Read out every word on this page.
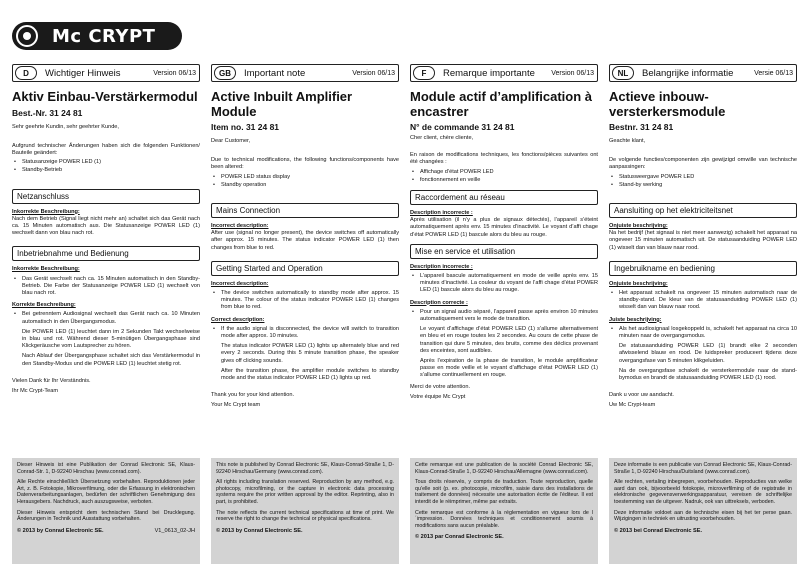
Mc CRYPT
D	Wichtiger Hinweis	Version 06/13
Aktiv Einbau-Verstärkermodul
Best.-Nr. 31 24 81
Sehr geehrte Kundin, sehr geehrter Kunde,
Aufgrund technischer Änderungen haben sich die folgenden Funktionen/ Bauteile geändert:
• Statusanzeige POWER LED (1)
• Standby-Betrieb
Netzanschluss
Inkorrekte Beschreibung:
Nach dem Betrieb (Signal liegt nicht mehr an) schaltet sich das Gerät nach ca. 15 Minuten automatisch aus. Die Statusanzeige POWER LED (1) wechselt dann von blau nach rot.
Inbetriebnahme und Bedienung
Inkorrekte Beschreibung:
• Das Gerät wechselt nach ca. 15 Minuten automatisch in den Standby-Betrieb. Die Farbe der Statusanzeige POWER LED (1) wechselt von blau nach rot.
Korrekte Beschreibung:
• Bei getrenntem Audiosignal wechselt das Gerät nach ca. 10 Minuten automatisch in den Übergangsmodus.
Die POWER LED (1) leuchtet dann im 2 Sekunden Takt wechselweise in blau und rot. Während dieser 5-minütigen Übergangsphase sind Klickgeräusche vom Lautsprecher zu hören.
Nach Ablauf der Übergangsphase schaltet sich das Verstärkermodul in den Standby-Modus und die POWER LED (1) leuchtet stetig rot.
Vielen Dank für Ihr Verständnis.
Ihr Mc Crypt-Team
GB	Important note	Version 06/13
Active Inbuilt Amplifier Module
Item no. 31 24 81
Dear Customer,
Due to technical modifications, the following functions/components have been altered:
• POWER LED status display
• Standby operation
Mains Connection
Incorrect description:
After use (signal no longer present), the device switches off automatically after approx. 15 minutes. The status indicator POWER LED (1) then changes from blue to red.
Getting Started and Operation
Incorrect description:
• The device switches automatically to standby mode after approx. 15 minutes. The colour of the status indicator POWER LED (1) changes from blue to red.
Correct description:
• If the audio signal is disconnected, the device will switch to transition mode after approx. 10 minutes.
The status indicator POWER LED (1) lights up alternately blue and red every 2 seconds. During this 5 minute transition phase, the speaker gives off clicking sounds.
After the transition phase, the amplifier module switches to standby mode and the status indicator POWER LED (1) lights up red.
Thank you for your kind attention.
Your Mc Crypt team
F	Remarque importante	Version 06/13
Module actif d’amplification à encastrer
N° de commande 31 24 81
Cher client, chère cliente,
En raison de modifications techniques, les fonctions/pièces suivantes ont été changées :
• Affichage d’état POWER LED
• fonctionnement en veille
Raccordement au réseau
Description incorrecte :
Après utilisation (il n’y a plus de signaux détectés), l’appareil s’éteint automatiquement après env. 15 minutes d’inactivité. Le voyant d’affi chage d’état POWER LED (1) bascule alors du bleu au rouge.
Mise en service et utilisation
Description incorrecte :
• L’appareil bascule automatiquement en mode de veille après env. 15 minutes d’inactivité. La couleur du voyant de l’affi chage d’état POWER LED (1) bascule alors du bleu au rouge.
Description correcte :
• Pour un signal audio séparé, l’appareil passe après environ 10 minutes automatiquement vers le mode de transition.
Le voyant d’affichage d’état POWER LED (1) s’allume alternativement en bleu et en rouge toutes les 2 secondes. Au cours de cette phase de transition qui dure 5 minutes, des bruits, comme des déclics provenant des enceintes, sont audibles.
Après l’expiration de la phase de transition, le module amplificateur passe en mode veille et le voyant d’affichage d’état POWER LED (1) s’allume continuellement en rouge.
Merci de votre attention.
Votre équipe Mc Crypt
NL	Belangrijke informatie	Versie 06/13
Actieve inbouw-versterkersmodule
Bestnr. 31 24 81
Geachte klant,
De volgende functies/componenten zijn gewijzigd omwille van technische aanpassingen:
• Statusweergave POWER LED
• Stand-by werking
Aansluiting op het elektriciteitsnet
Onjuiste beschrijving:
Na het bedrijf (het signaal is niet meer aanwezig) schakelt het apparaat na ongeveer 15 minuten automatisch uit. De statusaanduiding POWER LED (1) wisselt dan van blauw naar rood.
Ingebruikname en bediening
Onjuiste beschrijving:
• Het apparaat schakelt na ongeveer 15 minuten automatisch naar de standby-stand. De kleur van de statusaanduiding POWER LED (1) wisselt dan van blauw naar rood.
Juiste beschrijving:
• Als het audiosignaal losgekoppeld is, schakelt het apparaat na circa 10 minuten naar de overgangsmodus.
De statusaanduiding POWER LED (1) brandt elke 2 seconden afwisselend blauw en rood. De luidspreker produceert tijdens deze overgangsfase van 5 minuten klikgeluiden.
Na de overgangsfase schakelt de versterkermodule naar de stand-bymodus en brandt de statusaanduiding POWER LED (1) rood.
Dank u voor uw aandacht.
Uw Mc Crypt-team
Dieser Hinweis ist eine Publikation der Conrad Electronic SE, Klaus-Conrad-Str. 1, D-92240 Hirschau (www.conrad.com).
Alle Rechte einschließlich Übersetzung vorbehalten. Reproduktionen jeder Art, z. B. Fotokopie, Mikroverfilmung, oder die Erfassung in elektronischen Datenverarbeitungsanlagen, bedürfen der schriftlichen Genehmigung des Herausgebers. Nachdruck, auch auszugsweise, verboten.
Dieser Hinweis entspricht dem technischen Stand bei Drucklegung. Änderungen in Technik und Ausstattung vorbehalten.
© 2013 by Conrad Electronic SE.	V1_0613_02-JH
This note is published by Conrad Electronic SE, Klaus-Conrad-Straße 1, D-92240 Hirschau/Germany (www.conrad.com).
All rights including translation reserved. Reproduction by any method, e.g. photocopy, microfilming, or the capture in electronic data processing systems require the prior written approval by the editor. Reprinting, also in part, is prohibited.
The note reflects the current technical specifications at time of print. We reserve the right to change the technical or physical specifications.
© 2013 by Conrad Electronic SE.
Cette remarque est une publication de la société Conrad Electronic SE, Klaus-Conrad-Straße 1, D-92240 Hirschau/Allemagne (www.conrad.com).
Tous droits réservés, y compris de traduction. Toute reproduction, quelle qu’elle soit (p. ex. photocopie, microfilm, saisie dans des installations de traitement de données) nécessite une autorisation écrite de l’éditeur. Il est interdit de le réimprimer, même par extraits.
Cette remarque est conforme à la réglementation en vigueur lors de l´impression. Données techniques et conditionnement soumis à modifications sans aucun préalable.
© 2013 par Conrad Electronic SE.
Deze informatie is een publicatie van Conrad Electronic SE, Klaus-Conrad-Straße 1, D-92240 Hirschau/Duitsland (www.conrad.com).
Alle rechten, vertaling inbegrepen, voorbehouden. Reproducties van welke aard dan ook, bijvoorbeeld fotokopie, microverfilming of de registratie in elektronische gegevensverwerkingsapparatuur, vereisen de schriftelijke toestemming van de uitgever. Nadruk, ook van uittreksels, verboden.
Deze informatie voldoet aan de technische eisen bij het ter perse gaan. Wijzigingen in techniek en uitrusting voorbehouden.
© 2013 bei Conrad Electronic SE.
